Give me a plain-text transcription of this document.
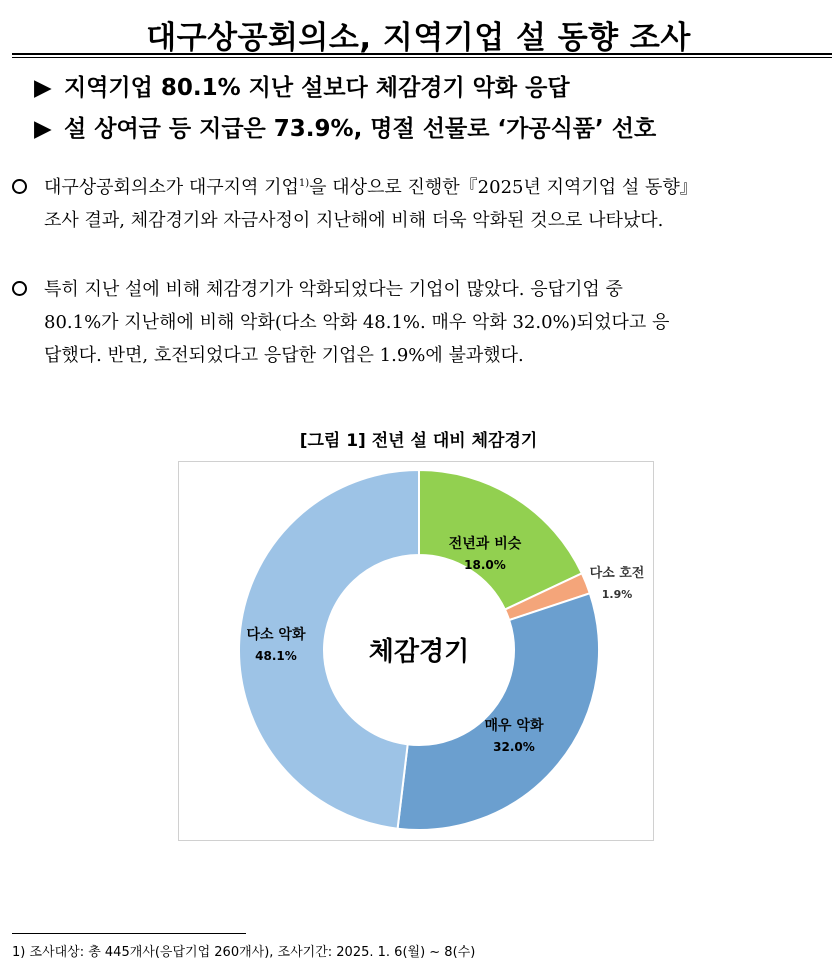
대구상공회의소, 지역기업 설 동향 조사
▶ 지역기업 80.1% 지난 설보다 체감경기 악화 응답
▶ 설 상여금 등 지급은 73.9%, 명절 선물로 ‘가공식품’ 선호
대구상공회의소가 대구지역 기업$^{1)}$을 대상으로 진행한『2025년 지역기업 설 동향』
조사 결과, 체감경기와 자금사정이 지난해에 비해 더욱 악화된 것으로 나타났다.
특히 지난 설에 비해 체감경기가 악화되었다는 기업이 많았다. 응답기업 중
80.1%가 지난해에 비해 악화(다소 악화 48.1%. 매우 악화 32.0%)되었다고 응
답했다. 반면, 호전되었다고 응답한 기업은 1.9%에 불과했다.
[그림 1] 전년 설 대비 체감경기
전년과 비슷
18.0%
다소 호전
1.9%
매우 악화
32.0%
다소 악화
48.1%	체감경기
1) 조사대상: 총 445개사(응답기업 260개사), 조사기간: 2025. 1. 6(월) ~ 8(수)
